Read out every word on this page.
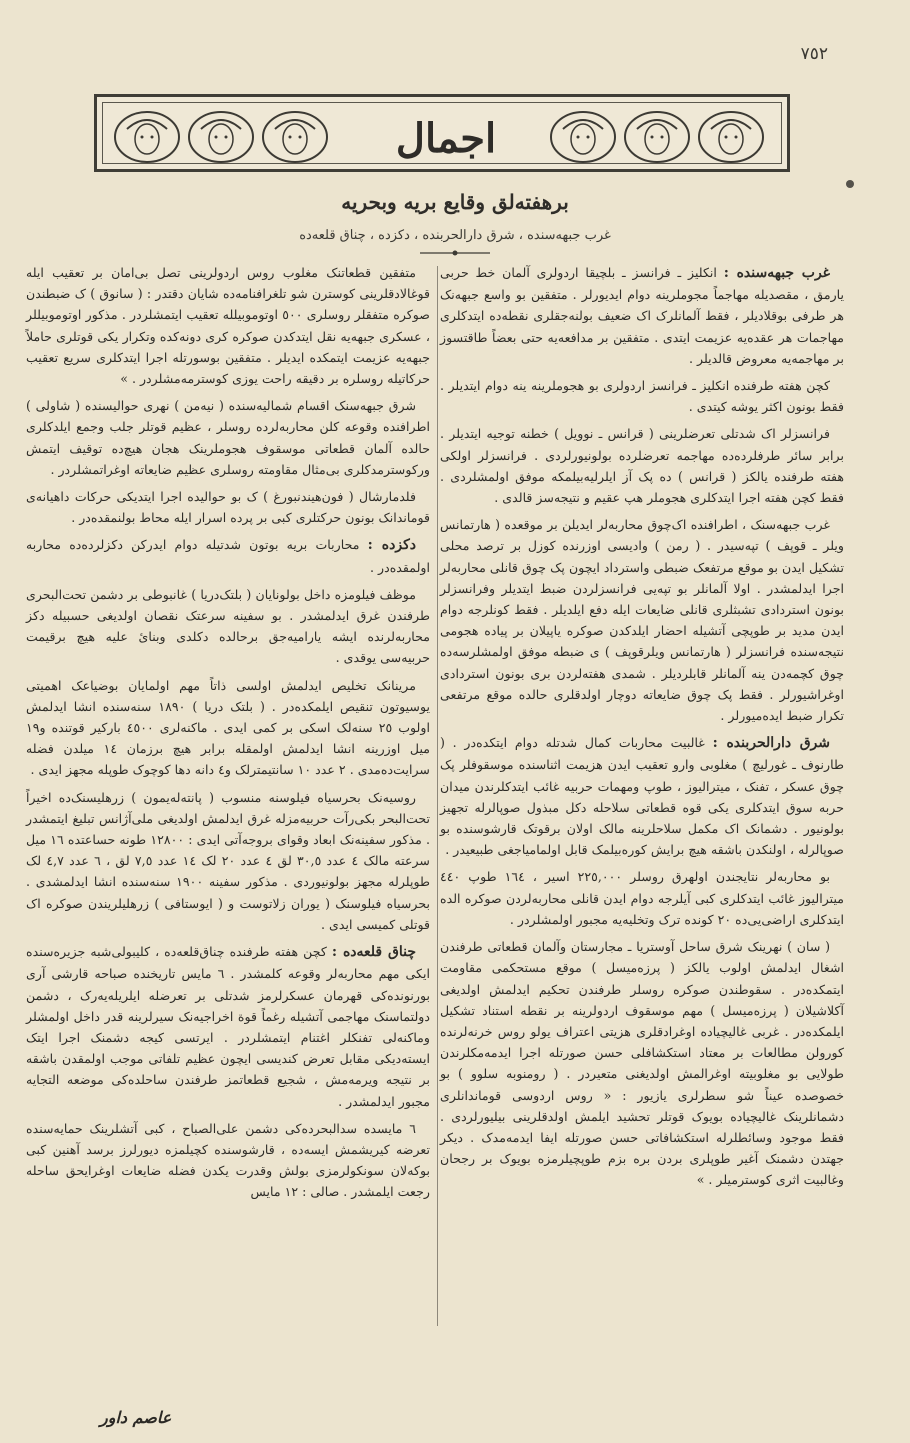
٧٥٢
اجمال
برهفته‌لق وقایع بریه وبحریه
غرب جبهه‌سنده ، شرق دارالحربنده ، دکزده ، چناق قلعه‌ده

غرب جبهه‌سنده : انکلیز ـ فرانسز ـ بلچیقا اردولری آلمان خط حربی یارمق ، مقصدیله مهاجماً مجوملرینه دوام ایدیورلر . متفقین بو واسع جبهه‌نک هر طرفی بوقلادیلر ، فقط آلمانلرک اک ضعیف بولنه‌جقلری نقطه‌ده ایتدکلری مهاجمات هر عقده‌یه عزیمت ایتدی . متفقین بر مدافعه‌یه حتی بعضاً طاقتسوز بر مهاجمه‌یه معروض قالدیلر .

کچن هفته طرفنده انکلیز ـ فرانسز اردولری بو هجوملرینه ینه دوام ایتدیلر . فقط بونون اکثر یوشه کیتدی .

فرانسزلر اک شدتلی تعرضلرینی ( قرانس ـ نوویل ) خطنه توجیه ایتدیلر . برابر سائر طرفلرده‌ده مهاجمه تعرضلرده بولونیورلردی . فرانسزلر اولکی هفته طرفنده یالکز ( قرانس ) ده پک آز ایلرلیه‌بیلمکه موفق اولمشلردی . فقط کچن هفته اجرا ایتدکلری هجوملر هپ عقیم و نتیجه‌سز قالدی .

غرب جبهه‌سنک ، اطرافنده اک‌چوق محاربه‌لر ایدیلن بر موقعده ( هارتمانس ویلر ـ قوپف ) تپه‌سیدر . ( رمن ) وادیسی اوزرنده کوزل بر ترصد محلی تشکیل ایدن بو موقع مرتفعک ضبطی واسترداد ایچون پک چوق قانلی محاربه‌لر اجرا ایدلمشدر . اولا آلمانلر بو تپه‌یی فرانسزلردن ضبط ایتدیلر وفرانسزلر بونون استردادی تشبثلری قانلی ضایعات ایله دفع ایلدیلر . فقط کونلرجه دوام ایدن مدید بر طوپچی آتشیله احضار ایلدکدن صوکره یاپیلان بر پیاده هجومی نتیجه‌سنده فرانسزلر ( هارتمانس ویلرقوپف ) ی ضبطه موفق اولمشلرسه‌ده چوق کچمه‌دن ینه آلمانلر قابلردیلر . شمدی هفته‌لردن بری بونون استردادی اوغراشیورلر . فقط پک چوق ضایعاته دوچار اولدقلری حالده موقع مرتفعی تکرار ضبط ایده‌میورلر .

شرق دارالحربنده : غالبیت محاربات کمال شدتله دوام ایتکده‌در . ( طارنوف ـ غورلیچ ) مغلوبی وارو تعقیب ایدن هزیمت اثناسنده موسقوفلر پک چوق عسکر ، تفنک ، میترالیوز ، طوپ ومهمات حربیه غائب ایتدکلرندن میدان حربه سوق ایتدکلری یکی قوه قطعاتی سلاحله دکل مبذول صوپالرله تجهیز بولونیور . دشمانک اک مکمل سلاحلرینه مالک اولان برقوتک قارشوسنده بو صوپالرله ، اولنکدن باشقه هیچ برایش کوره‌بیلمک قابل اولمامیاجغی طبیعیدر .

بو محاربه‌لر نتایجندن اولهرق روسلر ٢٢٥,٠٠٠ اسیر ، ١٦٤ طوپ ٤٤٠ میترالیوز غائب ایتدکلری کبی آیلرجه دوام ایدن قانلی محاربه‌لردن صوکره الده ایتدکلری اراضی‌یی‌ده ٢٠ کونده ترک وتخلیه‌یه مجبور اولمشلردر .

( سان ) نهرینک شرق ساحل آوستریا ـ مجارستان وآلمان قطعاتی طرفندن اشغال ایدلمش اولوب یالکز ( پرزه‌میسل ) موقع مستحکمی مقاومت ایتمکده‌در . سقوطندن صوکره روسلر طرفندن تحکیم ایدلمش اولدیغی آکلاشیلان ( پرزه‌میسل ) مهم موسقوف اردولرینه بر نقطه استناد تشکیل ایلمکده‌در . غربی غالیچیاده اوغرادقلری هزیتی اعتراف یولو روس خرنه‌لرنده کورولن مطالعات بر معتاد استکشافلی حسن صورتله اجرا ایدمه‌مکلرندن طولایی بو مغلوبیته اوغرالمش اولدیغنی متعیردر . ( رومنوبه سلوو ) بو خصوصده عیناً شو سطرلری یازیور : « روس اردوسی قوماندانلری دشمانلرینک غالیچیاده بویوک قوتلر تحشید ایلمش اولدقلرینی بیلیورلردی . فقط موجود وسائطلرله استکشافاتی حسن صورتله ایفا ایدمه‌مدک . دیکر جهتدن دشمنک آغیر طوپلری بردن بره بزم طوپچیلرمزه بویوک بر رجحان وغالبیت اثری کوسترمیلر . »

متفقین قطعاتنک مغلوب روس اردولرینی تصل بی‌امان بر تعقیب ایله قوغالادقلرینی کوسترن شو تلغرافنامه‌ده شایان دقتدر : ( سانوق ) ک ضبطندن صوکره متفقلر روسلری ٥٠٠ اوتوموبیلله تعقیب ایتمشلردر . مذکور اوتوموبیللر ، عسکری جبهه‌یه نقل ایتدکدن صوکره کری دونه‌کده وتکرار یکی قوتلری حاملاً جبهه‌یه عزیمت ایتمکده ایدیلر . متفقین بوسورتله اجرا ایتدکلری سریع تعقیب حرکاتیله روسلره بر دقیقه راحت یوزی کوسترمه‌مشلردر . »

شرق جبهه‌سنک اقسام شمالیه‌سنده ( نیه‌من ) نهری حوالیسنده ( شاولی ) اطرافنده وقوعه کلن محاربه‌لرده روسلر ، عظیم قوتلر جلب وجمع ایلدکلری حالده آلمان قطعاتی موسقوف هجوملرینک هجان هیچ‌ده توقیف ایتمش ورکوسترمدکلری بی‌مثال مقاومته روسلری عظیم ضایعاته اوغراتمشلردر .

فلدمارشال ( فون‌هیندنبورغ ) ک بو حوالیده اجرا ایتدیکی حرکات داهیانه‌ی قوماندانک بونون حرکتلری کبی بر پرده اسرار ایله محاط بولنمقده‌در .

دکزده : محاربات بریه بوتون شدتیله دوام ایدرکن دکزلرده‌ده محاربه اولمقده‌در .

موظف فیلومزه داخل بولونایان ( بلتک‌دریا ) غانبوطی بر دشمن تحت‌البحری طرفندن غرق ایدلمشدر . بو سفینه سرعتک نقصان اولدیغی حسبیله دکز محاربه‌لرنده ایشه یارامیه‌جق برحالده دکلدی وبنائ علیه هیچ برقیمت حربیه‌سی یوقدی .

مرینانک تخلیص ایدلمش اولسی ذاتاً مهم اولمایان بوضیاعک اهمیتی یوسیوتون تنقیص ایلمکده‌در . ( بلتک دریا ) ١٨٩٠ سنه‌سنده انشا ایدلمش اولوب ٢٥ سنه‌لک اسکی بر کمی ایدی . ماکنه‌لری ٤٥٠٠ بارکیر قوتنده و١٩ میل اوزرینه انشا ایدلمش اولمقله برابر هیچ برزمان ١٤ میلدن فضله سرایت‌ده‌مدی . ٢ عدد ١٠ سانتیمترلک و٤ دانه دها کوچوک طوپله مجهز ایدی .

روسیه‌نک بحرسیاه فیلوسنه منسوب ( پانته‌له‌یمون ) زرهلیسنک‌ده اخیراً تحت‌البحر بکی‌رآت حربیه‌مزله غرق ایدلمش اولدیغی ملی‌آژانس تبلیغ ایتمشدر . مذکور سفینه‌نک ابعاد وقوای بروجه‌آتی ایدی : ١٢٨٠٠ طونه حساعتده ١٦ میل سرعته مالک ٤ عدد ٣٠,٥ لق ٤ عدد ٢٠ لک ١٤ عدد ٧,٥ لق ، ٦ عدد ٤,٧ لک طوپلرله مجهز بولونیوردی . مذکور سفینه ١٩٠٠ سنه‌سنده انشا ایدلمشدی . بحرسیاه فیلوسنک ( یوران زلاتوست و ( ایوستافی ) زرهلیلریندن صوکره اک قوتلی کمیسی ایدی .

چناق قلعه‌ده : کچن هفته طرفنده چناق‌قلعه‌ده ، کلیبولی‌شبه جزیره‌سنده ایکی مهم محاربه‌لر وقوعه کلمشدر . ٦ مایس تاریخنده صباحه قارشی آری بورنونده‌کی قهرمان عسکرلرمز شدتلی بر تعرضله ایلریله‌یه‌رک ، دشمن دولتماسنک مهاجمی آتشیله رغماً قوة اخراجیه‌نک سیرلرینه قدر داخل اولمشلر وماکنه‌لی تفنکلر اغتنام ایتمشلردر . ایرتسی کیجه دشمنک اجرا ایتک ایسته‌دیکی مقابل تعرض کندیسی ایچون عظیم تلفاتی موجب اولمقدن باشقه بر نتیجه ویرمه‌مش ، شجیع قطعاتمز طرفندن ساحلده‌کی موضعه التجایه مجبور ایدلمشدر .

٦ مایسده سدالبحرده‌کی دشمن علی‌الصباح ، کبی آتشلرینک حمایه‌سنده تعرضه کیریشمش ایسه‌ده ، قارشوسنده کچیلمزه دیورلرز برسد آهنین کبی بوکه‌لان سونکولرمزی بولش وقدرت یکدن فضله ضایعات اوغرایحق ساحله رجعت ایلمشدر . صالی : ١٢ مایس

عاصم داور
